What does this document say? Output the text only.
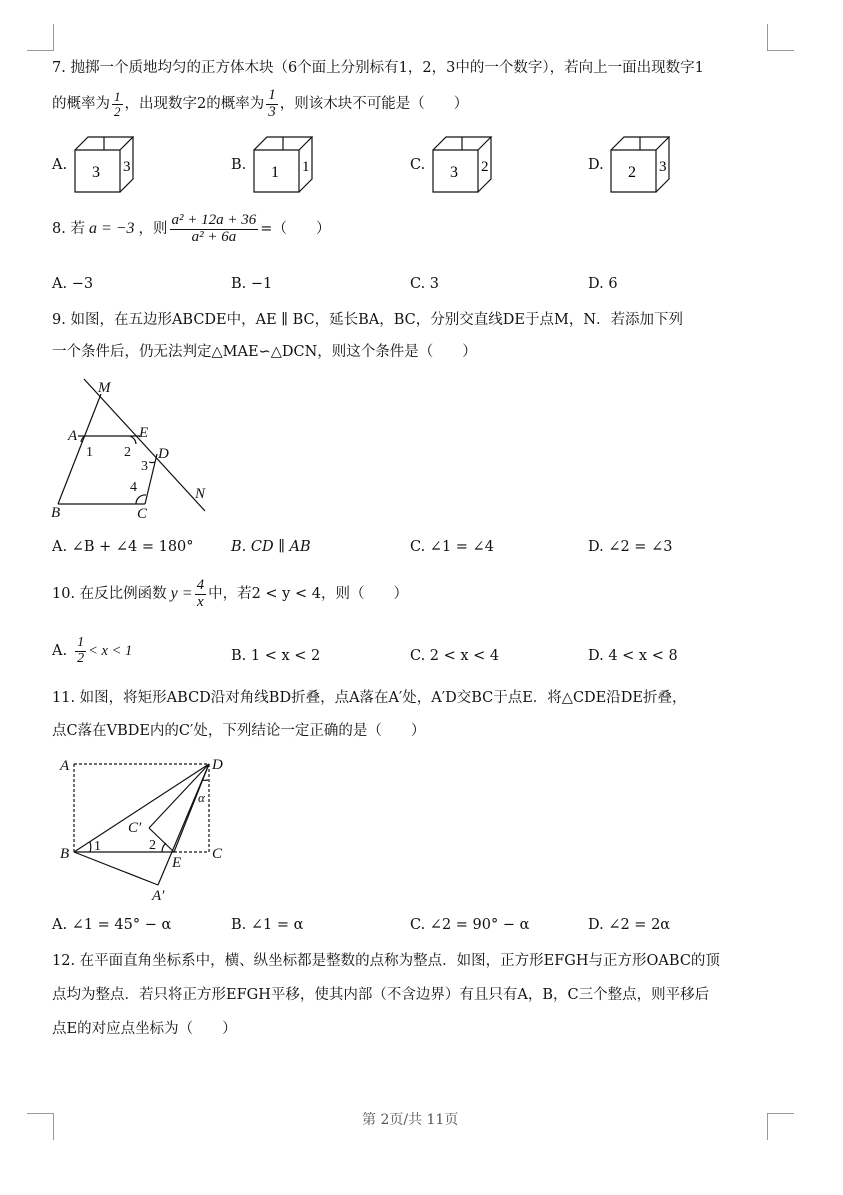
7. 抛掷一个质地均匀的正方体木块（6个面上分别标有1，2，3中的一个数字），若向上一面出现数字1
的概率为 $\frac{1}{2}$ ，出现数字2的概率为 $\frac{1}{3}$ ，则该木块不可能是（　　）
A. 3 3	B. 1 1	C. 3 2	D. 2 3
8. 若 a = −3 ，则 $\frac{\text{a² + 12a + 36}}{\text{a² + 6a}}$ =（　　）
A. −3	B. −1	C. 3	D. 6
9. 如图，在五边形ABCDE中，AE ∥ BC，延长BA，BC，分别交直线DE于点M，N．若添加下列
一个条件后，仍无法判定△MAE∽△DCN，则这个条件是（　　）
M
A	E
D
N
B	C
1 2
3
4
A. ∠B + ∠4 = 180°	B. CD ∥ AB	C. ∠1 = ∠4	D. ∠2 = ∠3
10. 在反比例函数 $y = \frac{4}{x}$ 中，若2 < y < 4，则（　　）
A. $\frac{1}{2} < x < 1$	B. 1 < x < 2	C. 2 < x < 4	D. 4 < x < 8
11. 如图，将矩形ABCD沿对角线BD折叠，点A落在A′处，A′D交BC于点E．将△CDE沿DE折叠，
点C落在VBDE内的C′处，下列结论一定正确的是（　　）
A	D
B	C
E
C′
A′
α
1	2
A. ∠1 = 45° − α	B. ∠1 = α	C. ∠2 = 90° − α	D. ∠2 = 2α
12. 在平面直角坐标系中，横、纵坐标都是整数的点称为整点．如图，正方形EFGH与正方形OABC的顶
点均为整点．若只将正方形EFGH平移，使其内部（不含边界）有且只有A，B，C三个整点，则平移后
点E的对应点坐标为（　　）
第 2页/共 11页
